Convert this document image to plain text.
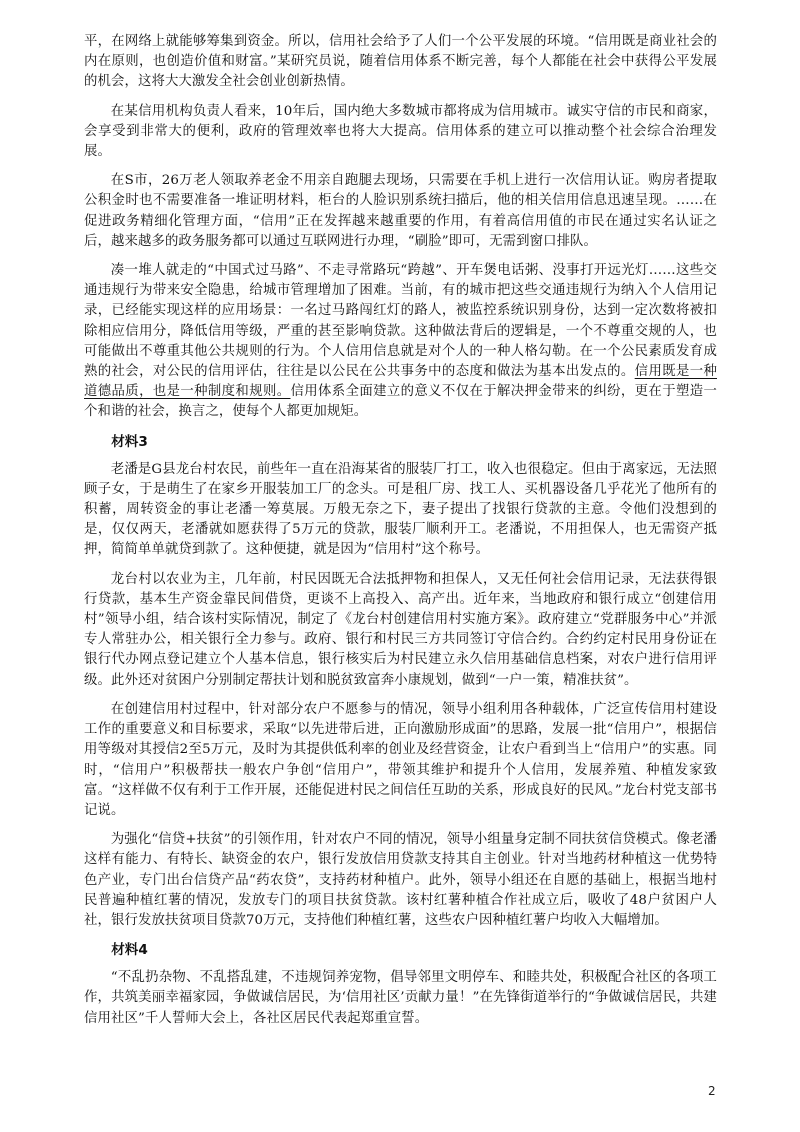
平，在网络上就能够筹集到资金。所以，信用社会给予了人们一个公平发展的环境。“信用既是商业社会的内在原则，也创造价值和财富。”某研究员说，随着信用体系不断完善，每个人都能在社会中获得公平发展的机会，这将大大激发全社会创业创新热情。

在某信用机构负责人看来，10年后，国内绝大多数城市都将成为信用城市。诚实守信的市民和商家，会享受到非常大的便利，政府的管理效率也将大大提高。信用体系的建立可以推动整个社会综合治理发展。

在S市，26万老人领取养老金不用亲自跑腿去现场，只需要在手机上进行一次信用认证。购房者提取公积金时也不需要准备一堆证明材料，柜台的人脸识别系统扫描后，他的相关信用信息迅速呈现。……在促进政务精细化管理方面，“信用”正在发挥越来越重要的作用，有着高信用值的市民在通过实名认证之后，越来越多的政务服务都可以通过互联网进行办理，“刷脸”即可，无需到窗口排队。

凑一堆人就走的“中国式过马路”、不走寻常路玩“跨越”、开车煲电话粥、没事打开远光灯……这些交通违规行为带来安全隐患，给城市管理增加了困难。当前，有的城市把这些交通违规行为纳入个人信用记录，已经能实现这样的应用场景：一名过马路闯红灯的路人，被监控系统识别身份，达到一定次数将被扣除相应信用分，降低信用等级，严重的甚至影响贷款。这种做法背后的逻辑是，一个不尊重交规的人，也可能做出不尊重其他公共规则的行为。个人信用信息就是对个人的一种人格勾勒。在一个公民素质发育成熟的社会，对公民的信用评估，往往是以公民在公共事务中的态度和做法为基本出发点的。信用既是一种道德品质，也是一种制度和规则。信用体系全面建立的意义不仅在于解决押金带来的纠纷，更在于塑造一个和谐的社会，换言之，使每个人都更加规矩。

材料3

老潘是G县龙台村农民，前些年一直在沿海某省的服装厂打工，收入也很稳定。但由于离家远，无法照顾子女，于是萌生了在家乡开服装加工厂的念头。可是租厂房、找工人、买机器设备几乎花光了他所有的积蓄，周转资金的事让老潘一筹莫展。万般无奈之下，妻子提出了找银行贷款的主意。令他们没想到的是，仅仅两天，老潘就如愿获得了5万元的贷款，服装厂顺利开工。老潘说，不用担保人，也无需资产抵押，简简单单就贷到款了。这种便捷，就是因为“信用村”这个称号。

龙台村以农业为主，几年前，村民因既无合法抵押物和担保人，又无任何社会信用记录，无法获得银行贷款，基本生产资金靠民间借贷，更谈不上高投入、高产出。近年来，当地政府和银行成立“创建信用村”领导小组，结合该村实际情况，制定了《龙台村创建信用村实施方案》。政府建立“党群服务中心”并派专人常驻办公，相关银行全力参与。政府、银行和村民三方共同签订守信合约。合约约定村民用身份证在银行代办网点登记建立个人基本信息，银行核实后为村民建立永久信用基础信息档案，对农户进行信用评级。此外还对贫困户分别制定帮扶计划和脱贫致富奔小康规划，做到“一户一策，精准扶贫”。

在创建信用村过程中，针对部分农户不愿参与的情况，领导小组利用各种载体，广泛宣传信用村建设工作的重要意义和目标要求，采取“以先进带后进，正向激励形成面”的思路，发展一批“信用户”，根据信用等级对其授信2至5万元，及时为其提供低利率的创业及经营资金，让农户看到当上“信用户”的实惠。同时，“信用户”积极帮扶一般农户争创“信用户”，带领其维护和提升个人信用，发展养殖、种植发家致富。“这样做不仅有利于工作开展，还能促进村民之间信任互助的关系，形成良好的民风。”龙台村党支部书记说。

为强化“信贷+扶贫”的引领作用，针对农户不同的情况，领导小组量身定制不同扶贫信贷模式。像老潘这样有能力、有特长、缺资金的农户，银行发放信用贷款支持其自主创业。针对当地药材种植这一优势特色产业，专门出台信贷产品“药农贷”，支持药材种植户。此外，领导小组还在自愿的基础上，根据当地村民普遍种植红薯的情况，发放专门的项目扶贫贷款。该村红薯种植合作社成立后，吸收了48户贫困户人社，银行发放扶贫项目贷款70万元，支持他们种植红薯，这些农户因种植红薯户均收入大幅增加。

材料4

“不乱扔杂物、不乱搭乱建，不违规饲养宠物，倡导邻里文明停车、和睦共处，积极配合社区的各项工作，共筑美丽幸福家园，争做诚信居民，为‘信用社区’贡献力量！”在先锋街道举行的“争做诚信居民，共建信用社区”千人誓师大会上，各社区居民代表起郑重宣誓。

2
